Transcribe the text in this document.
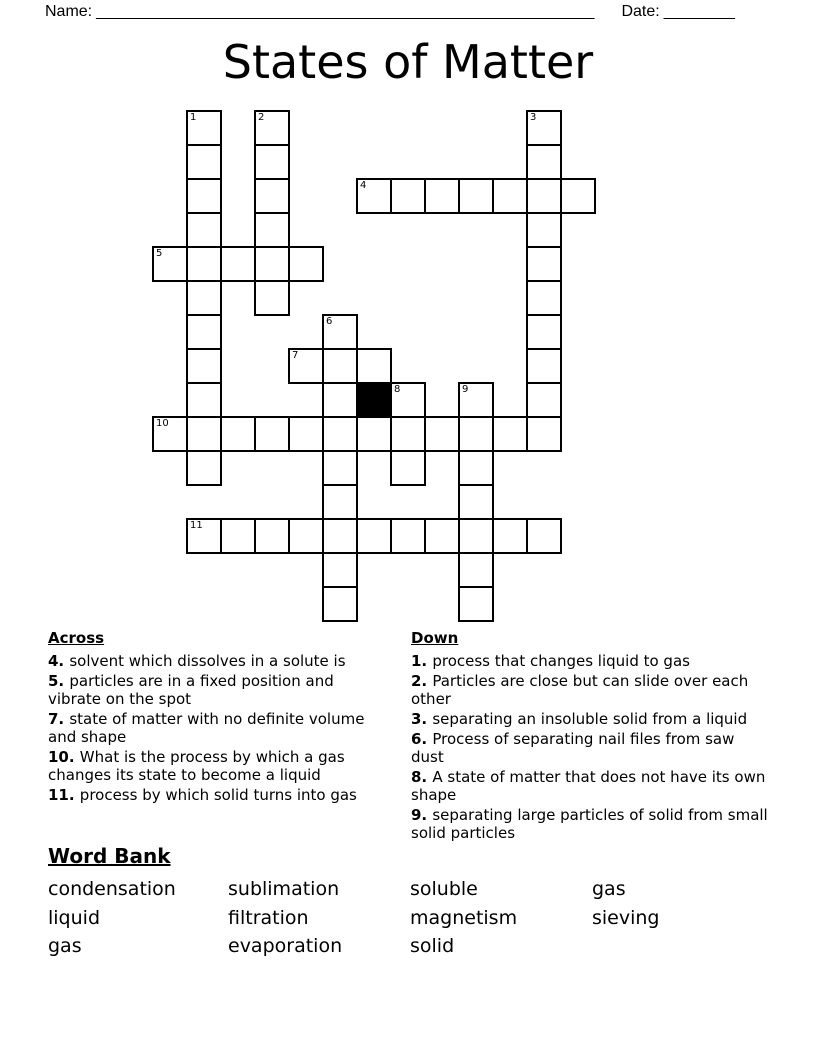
Name: ________________________________________________________ Date: ________
States of Matter
1	2	3
4
5
6
7
8	9
10
11
Across
4. solvent which dissolves in a solute is
5. particles are in a fixed position and vibrate on the spot
7. state of matter with no definite volume and shape
10. What is the process by which a gas changes its state to become a liquid
11. process by which solid turns into gas
Down
1. process that changes liquid to gas
2. Particles are close but can slide over each other
3. separating an insoluble solid from a liquid
6. Process of separating nail files from saw dust
8. A state of matter that does not have its own shape
9. separating large particles of solid from small solid particles
Word Bank
condensation
liquid
gas
sublimation
filtration
evaporation
soluble
magnetism
solid
gas
sieving
